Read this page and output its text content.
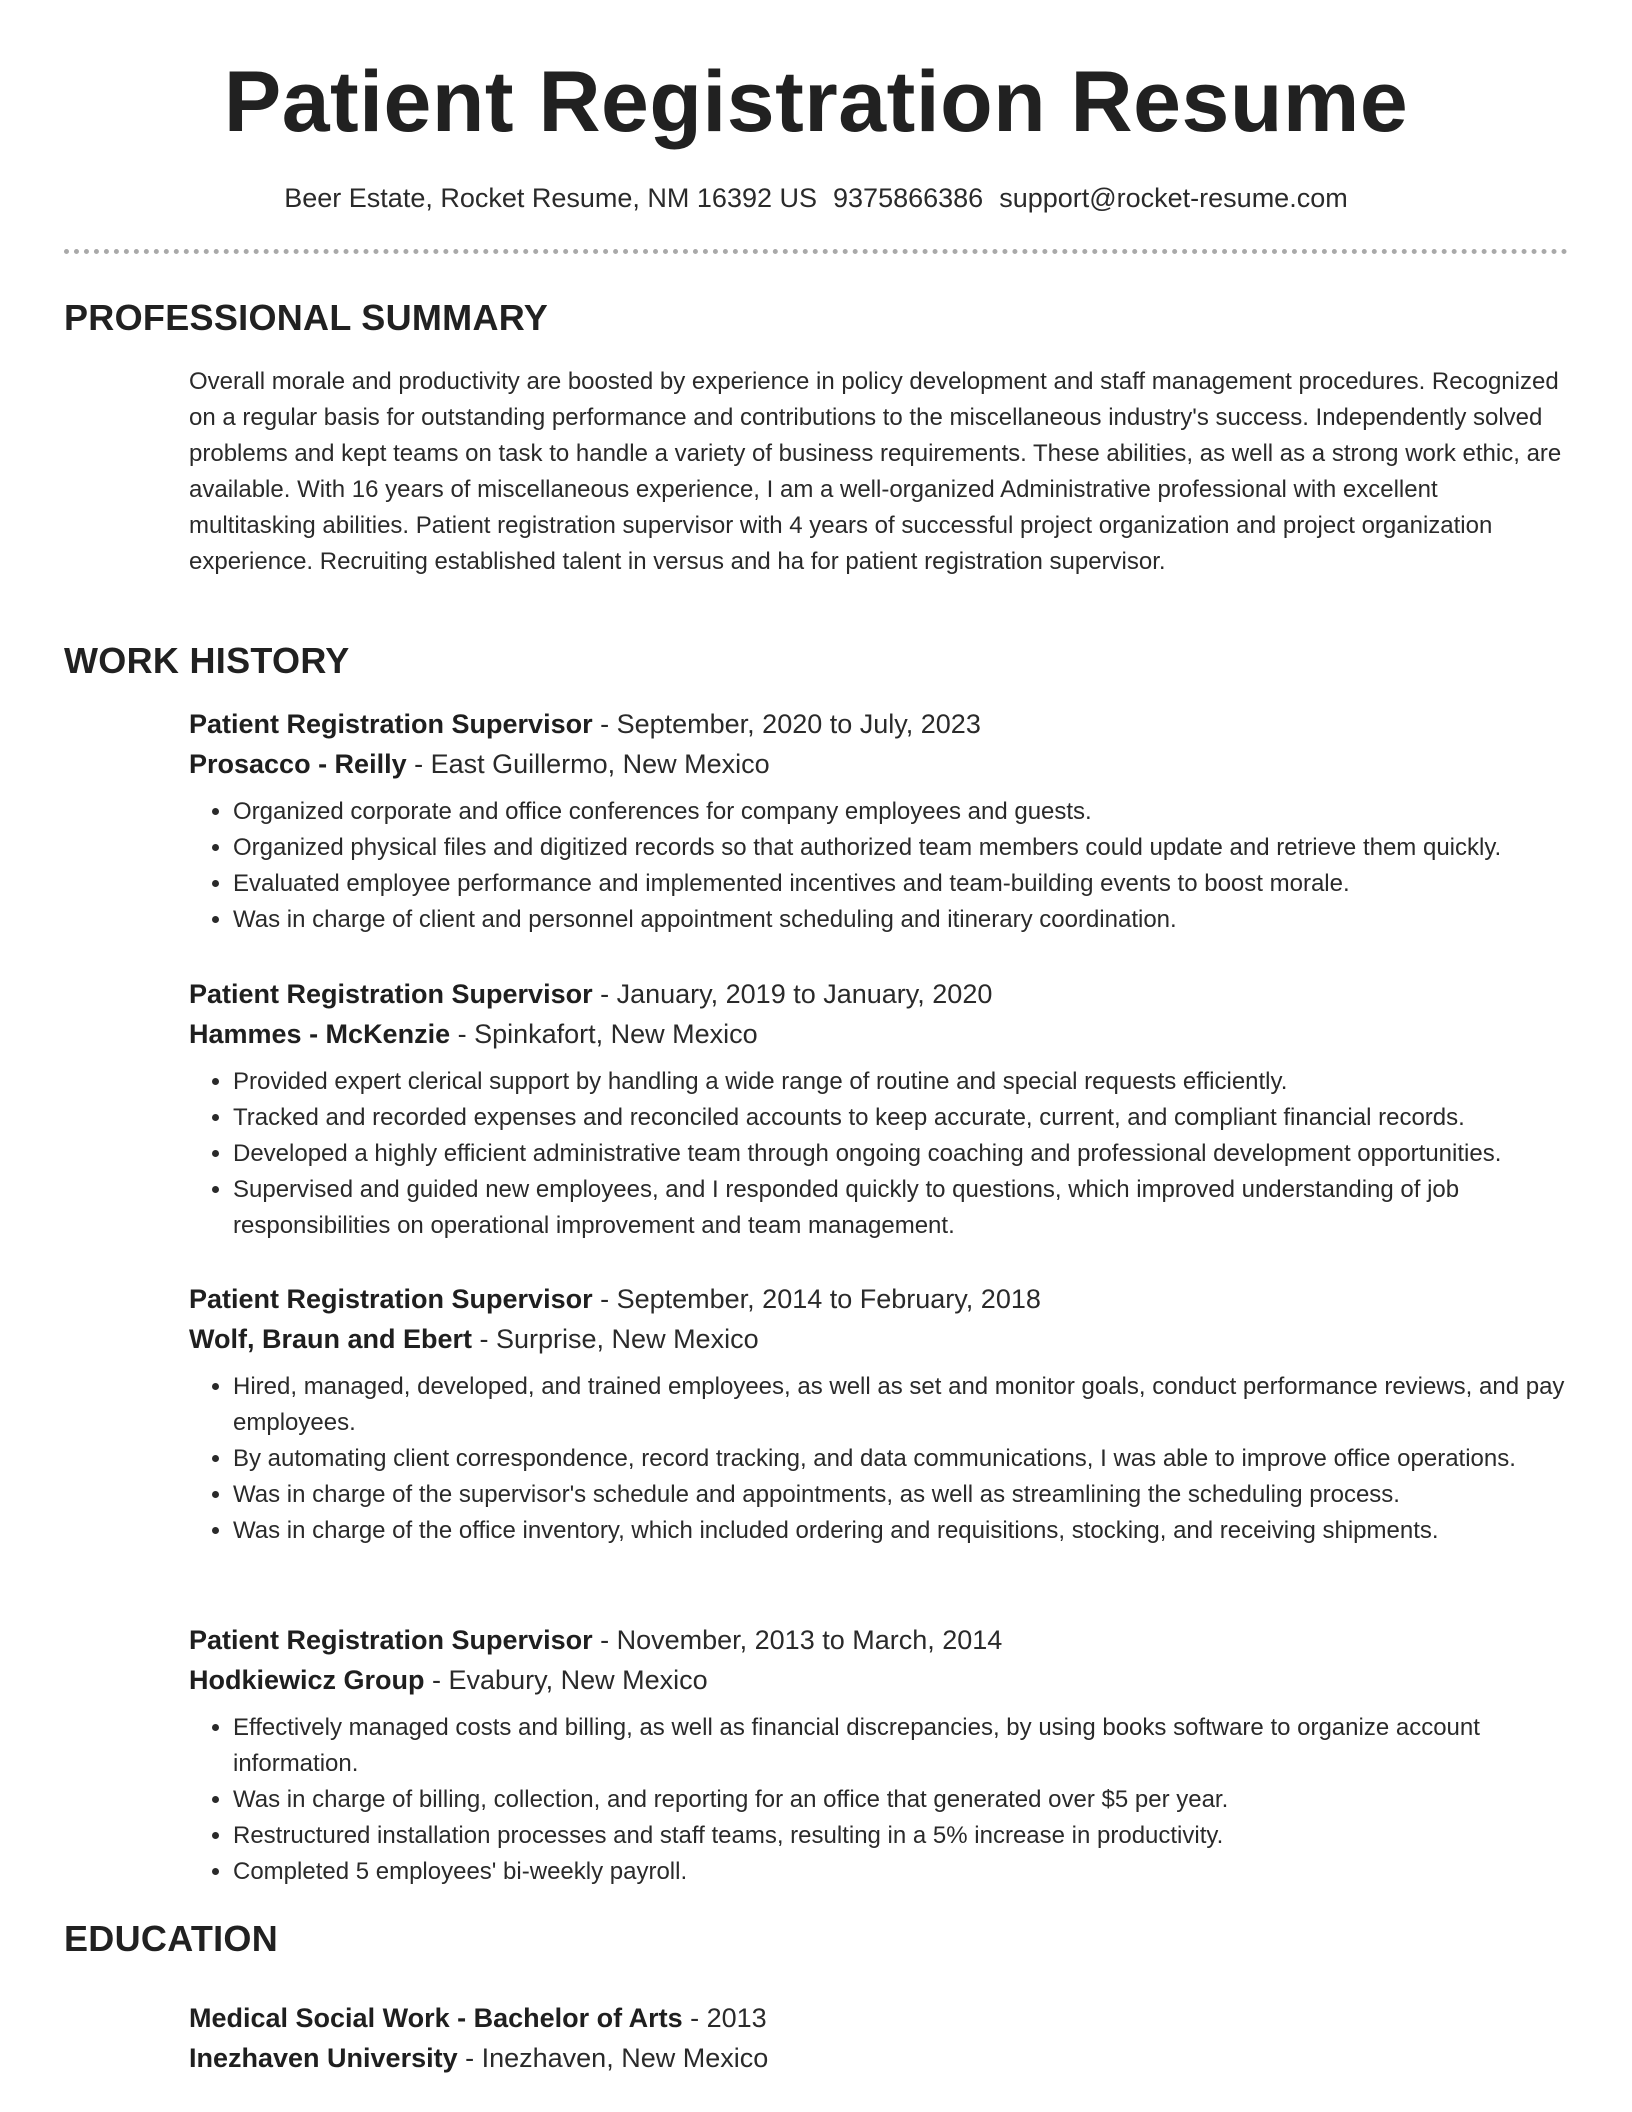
Patient Registration Resume
Beer Estate, Rocket Resume, NM 16392 US 9375866386 support@rocket-resume.com
PROFESSIONAL SUMMARY

Overall morale and productivity are boosted by experience in policy development and staff management procedures. Recognized on a regular basis for outstanding performance and contributions to the miscellaneous industry's success. Independently solved problems and kept teams on task to handle a variety of business requirements. These abilities, as well as a strong work ethic, are available. With 16 years of miscellaneous experience, I am a well-organized Administrative professional with excellent multitasking abilities. Patient registration supervisor with 4 years of successful project organization and project organization experience. Recruiting established talent in versus and ha for patient registration supervisor.

WORK HISTORY
Patient Registration Supervisor - September, 2020 to July, 2023
Prosacco - Reilly - East Guillermo, New Mexico
• Organized corporate and office conferences for company employees and guests.
• Organized physical files and digitized records so that authorized team members could update and retrieve them quickly.
• Evaluated employee performance and implemented incentives and team-building events to boost morale.
• Was in charge of client and personnel appointment scheduling and itinerary coordination.
Patient Registration Supervisor - January, 2019 to January, 2020
Hammes - McKenzie - Spinkafort, New Mexico
• Provided expert clerical support by handling a wide range of routine and special requests efficiently.
• Tracked and recorded expenses and reconciled accounts to keep accurate, current, and compliant financial records.
• Developed a highly efficient administrative team through ongoing coaching and professional development opportunities.
• Supervised and guided new employees, and I responded quickly to questions, which improved understanding of job responsibilities on operational improvement and team management.
Patient Registration Supervisor - September, 2014 to February, 2018
Wolf, Braun and Ebert - Surprise, New Mexico
• Hired, managed, developed, and trained employees, as well as set and monitor goals, conduct performance reviews, and pay employees.
• By automating client correspondence, record tracking, and data communications, I was able to improve office operations.
• Was in charge of the supervisor's schedule and appointments, as well as streamlining the scheduling process.
• Was in charge of the office inventory, which included ordering and requisitions, stocking, and receiving shipments.
Patient Registration Supervisor - November, 2013 to March, 2014
Hodkiewicz Group - Evabury, New Mexico
• Effectively managed costs and billing, as well as financial discrepancies, by using books software to organize account information.
• Was in charge of billing, collection, and reporting for an office that generated over $5 per year.
• Restructured installation processes and staff teams, resulting in a 5% increase in productivity.
• Completed 5 employees' bi-weekly payroll.
EDUCATION
Medical Social Work - Bachelor of Arts - 2013
Inezhaven University - Inezhaven, New Mexico
